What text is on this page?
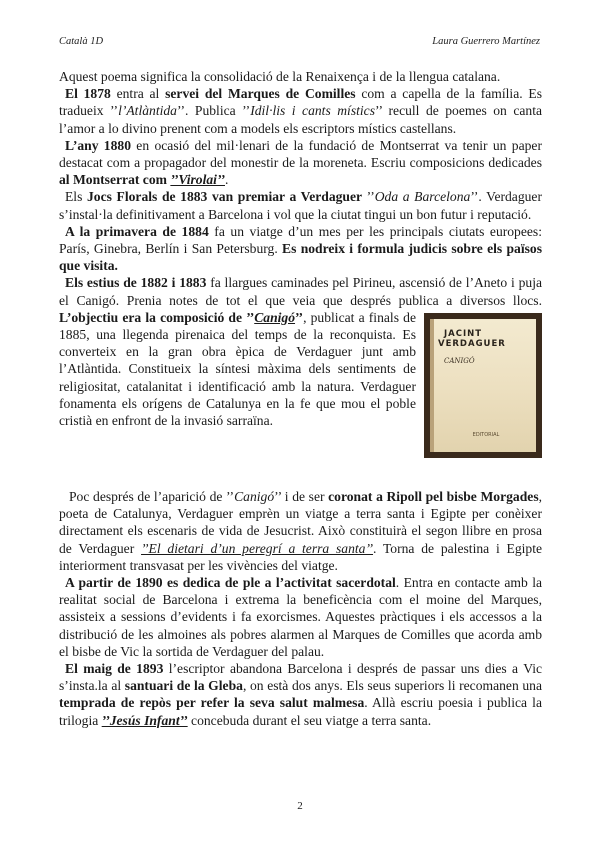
Català 1D	Laura Guerrero Martínez

Aquest poema significa la consolidació de la Renaixença i de la llengua catalana.

El 1878 entra al servei del Marques de Comilles com a capella de la família. Es tradueix ’’l’Atlàntida’’. Publica ’’Idil·lis i cants místics’’ recull de poemes on canta l’amor a lo divino prenent com a models els escriptors místics castellans.

L’any 1880 en ocasió del mil·lenari de la fundació de Montserrat va tenir un paper destacat com a propagador del monestir de la moreneta. Escriu composicions dedicades al Montserrat com ’’Virolai’’.

Els Jocs Florals de 1883 van premiar a Verdaguer ’’Oda a Barcelona’’. Verdaguer s’instal·la definitivament a Barcelona i vol que la ciutat tingui un bon futur i reputació.

A la primavera de 1884 fa un viatge d’un mes per les principals ciutats europees: París, Ginebra, Berlín i San Petersburg. Es nodreix i formula judicis sobre els països que visita.

Els estius de 1882 i 1883 fa llargues caminades pel Pirineu, ascensió de l’Aneto i puja el Canigó. Prenia notes de tot el que veia que després publica a diversos llocs.
JACINT VERDAGUER
CANIGÓ
EDITORIAL
L’objectiu era la composició de ’’Canigó’’, publicat a finals de 1885, una llegenda pirenaica del temps de la reconquista. Es converteix en la gran obra èpica de Verdaguer junt amb l’Atlàntida. Constitueix la síntesi màxima dels sentiments de religiositat, catalanitat i identificació amb la natura. Verdaguer fonamenta els orígens de Catalunya en la fe que mou el poble cristià en enfront de la invasió sarraïna.

Poc després de l’aparició de ’’Canigó’’ i de ser coronat a Ripoll pel bisbe Morgades, poeta de Catalunya, Verdaguer emprèn un viatge a terra santa i Egipte per conèixer directament els escenaris de vida de Jesucrist. Això constituirà el segon llibre en prosa de Verdaguer ’’El dietari d’un peregrí a terra santa’’. Torna de palestina i Egipte interiorment transvasat per les vivències del viatge.

A partir de 1890 es dedica de ple a l’activitat sacerdotal. Entra en contacte amb la realitat social de Barcelona i extrema la beneficència com el moine del Marques, assisteix a sessions d’evidents i fa exorcismes. Aquestes pràctiques i els accessos a la distribució de les almoines als pobres alarmen al Marques de Comilles que acorda amb el bisbe de Vic la sortida de Verdaguer del palau.

El maig de 1893 l’escriptor abandona Barcelona i després de passar uns dies a Vic s’insta.la al santuari de la Gleba, on està dos anys. Els seus superiors li recomanen una temprada de repòs per refer la seva salut malmesa. Allà escriu poesia i publica la trilogia ’’Jesús Infant’’ concebuda durant el seu viatge a terra santa.

2
